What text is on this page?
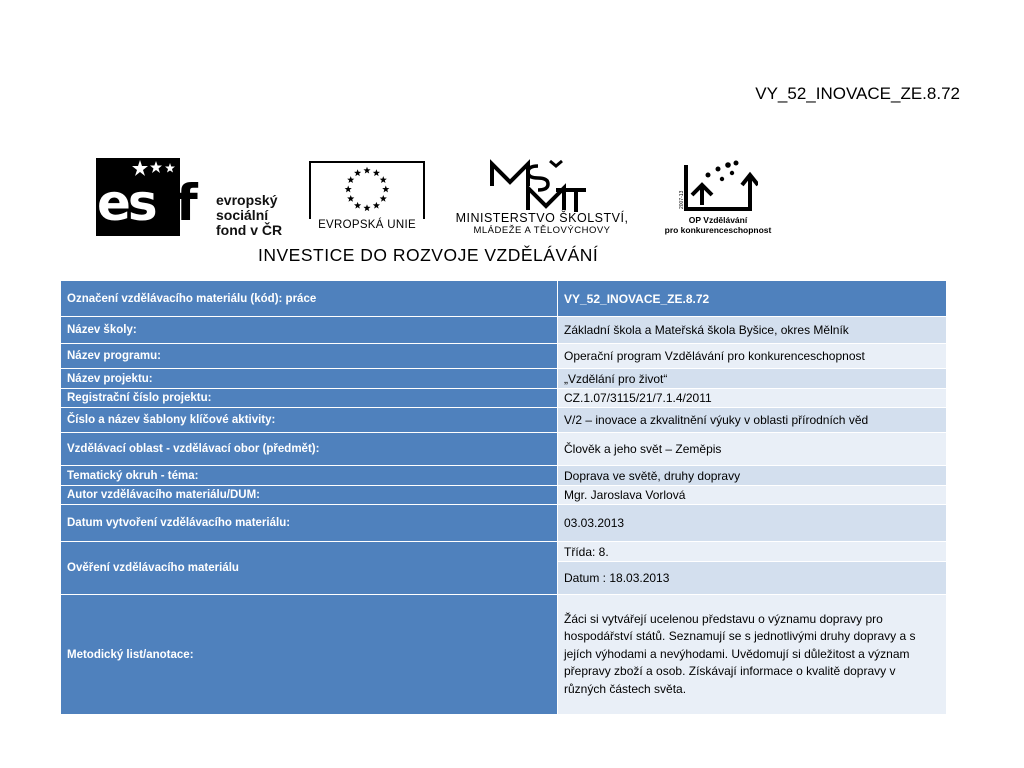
VY_52_INOVACE_ZE.8.72
es f evropský
sociální
fond v ČR	EVROPSKÁ UNIE	MINISTERSTVO ŠKOLSTVÍ,
MLÁDEŽE A TĚLOVÝCHOVY
2007-13
OP Vzdělávání
pro konkurenceschopnost
INVESTICE DO ROZVOJE VZDĚLÁVÁNÍ
Označení vzdělávacího materiálu (kód): práce	VY_52_INOVACE_ZE.8.72
Název školy:	Základní škola a Mateřská škola Byšice, okres Mělník
Název programu:	Operační program Vzdělávání pro konkurenceschopnost
Název projektu:	„Vzdělání pro život“
Registrační číslo projektu:	CZ.1.07/3115/21/7.1.4/2011
Číslo a název šablony klíčové aktivity:	V/2 – inovace a zkvalitnění výuky v oblasti přírodních věd
Vzdělávací oblast - vzdělávací obor (předmět):	Člověk a jeho svět – Zeměpis
Tematický okruh - téma:	Doprava ve světě, druhy dopravy
Autor vzdělávacího materiálu/DUM:	Mgr. Jaroslava Vorlová
Datum vytvoření vzdělávacího materiálu:	03.03.2013
Ověření vzdělávacího materiálu	Třída: 8.
	Datum : 18.03.2013
Metodický list/anotace:	Žáci si vytvářejí ucelenou představu o významu dopravy pro hospodářství států. Seznamují se s jednotlivými druhy dopravy a s jejích výhodami a nevýhodami. Uvědomují si důležitost a význam přepravy zboží a osob. Získávají informace o kvalitě dopravy v různých částech světa.
